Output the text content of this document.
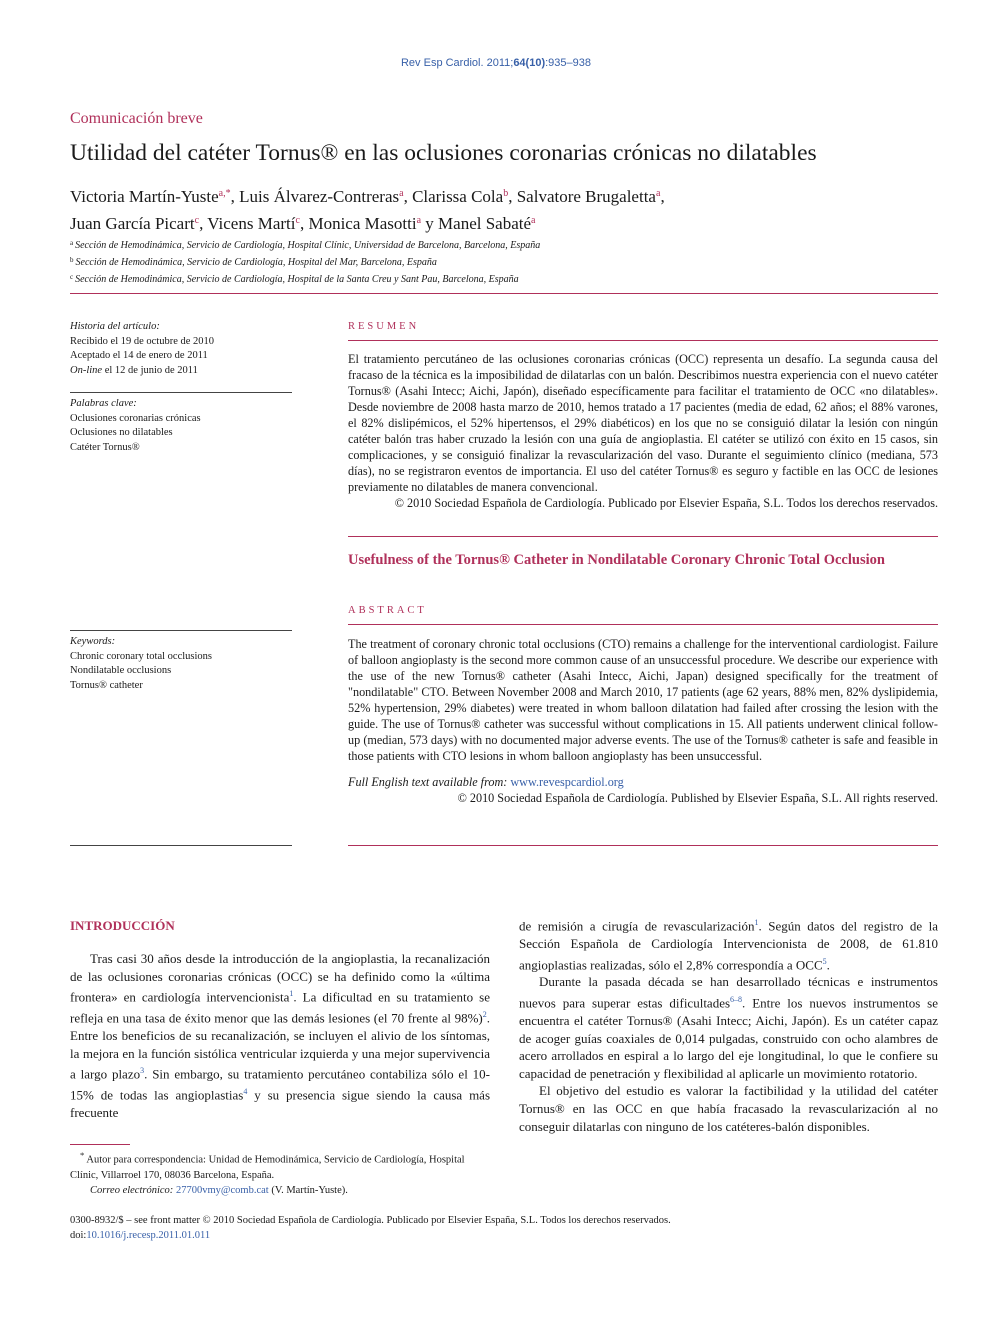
Rev Esp Cardiol. 2011;64(10):935–938
Comunicación breve
Utilidad del catéter Tornus® en las oclusiones coronarias crónicas no dilatables
Victoria Martín-Yuste$^{a,*}$, Luis Álvarez-Contreras$^a$, Clarissa Cola$^b$, Salvatore Brugaletta$^a$,
Juan García Picart$^c$, Vicens Martí$^c$, Monica Masotti$^a$ y Manel Sabaté$^a$
$^a$ Sección de Hemodinámica, Servicio de Cardiología, Hospital Clínic, Universidad de Barcelona, Barcelona, España
$^b$ Sección de Hemodinámica, Servicio de Cardiología, Hospital del Mar, Barcelona, España
$^c$ Sección de Hemodinámica, Servicio de Cardiología, Hospital de la Santa Creu y Sant Pau, Barcelona, España
Historia del artículo:
Recibido el 19 de octubre de 2010
Aceptado el 14 de enero de 2011
On-line el 12 de junio de 2011
Palabras clave:
Oclusiones coronarias crónicas
Oclusiones no dilatables
Catéter Tornus®
Keywords:
Chronic coronary total occlusions
Nondilatable occlusions
Tornus® catheter
RESUMEN
El tratamiento percutáneo de las oclusiones coronarias crónicas (OCC) representa un desafío. La segunda causa del fracaso de la técnica es la imposibilidad de dilatarlas con un balón. Describimos nuestra experiencia con el nuevo catéter Tornus® (Asahi Intecc; Aichi, Japón), diseñado específicamente para facilitar el tratamiento de OCC «no dilatables». Desde noviembre de 2008 hasta marzo de 2010, hemos tratado a 17 pacientes (media de edad, 62 años; el 88% varones, el 82% dislipémicos, el 52% hipertensos, el 29% diabéticos) en los que no se consiguió dilatar la lesión con ningún catéter balón tras haber cruzado la lesión con una guía de angioplastia. El catéter se utilizó con éxito en 15 casos, sin complicaciones, y se consiguió finalizar la revascularización del vaso. Durante el seguimiento clínico (mediana, 573 días), no se registraron eventos de importancia. El uso del catéter Tornus® es seguro y factible en las OCC de lesiones previamente no dilatables de manera convencional.
© 2010 Sociedad Española de Cardiología. Publicado por Elsevier España, S.L. Todos los derechos reservados.
Usefulness of the Tornus® Catheter in Nondilatable Coronary Chronic Total Occlusion
ABSTRACT
The treatment of coronary chronic total occlusions (CTO) remains a challenge for the interventional cardiologist. Failure of balloon angioplasty is the second more common cause of an unsuccessful procedure. We describe our experience with the use of the new Tornus® catheter (Asahi Intecc, Aichi, Japan) designed specifically for the treatment of "nondilatable" CTO. Between November 2008 and March 2010, 17 patients (age 62 years, 88% men, 82% dyslipidemia, 52% hypertension, 29% diabetes) were treated in whom balloon dilatation had failed after crossing the lesion with the guide. The use of Tornus® catheter was successful without complications in 15. All patients underwent clinical follow-up (median, 573 days) with no documented major adverse events. The use of the Tornus® catheter is safe and feasible in those patients with CTO lesions in whom balloon angioplasty has been unsuccessful.
Full English text available from: www.revespcardiol.org
© 2010 Sociedad Española de Cardiología. Published by Elsevier España, S.L. All rights reserved.
INTRODUCCIÓN

Tras casi 30 años desde la introducción de la angioplastia, la recanalización de las oclusiones coronarias crónicas (OCC) se ha definido como la «última frontera» en cardiología intervencionista$^1$. La dificultad en su tratamiento se refleja en una tasa de éxito menor que las demás lesiones (el 70 frente al 98%)$^2$. Entre los beneficios de su recanalización, se incluyen el alivio de los síntomas, la mejora en la función sistólica ventricular izquierda y una mejor supervivencia a largo plazo$^3$. Sin embargo, su tratamiento percutáneo contabiliza sólo el 10-15% de todas las angioplastias$^4$ y su presencia sigue siendo la causa más frecuente

de remisión a cirugía de revascularización$^1$. Según datos del registro de la Sección Española de Cardiología Intervencionista de 2008, de 61.810 angioplastias realizadas, sólo el 2,8% correspondía a OCC$^5$.

Durante la pasada década se han desarrollado técnicas e instrumentos nuevos para superar estas dificultades$^{6-8}$. Entre los nuevos instrumentos se encuentra el catéter Tornus® (Asahi Intecc; Aichi, Japón). Es un catéter capaz de acoger guías coaxiales de 0,014 pulgadas, construido con ocho alambres de acero arrollados en espiral a lo largo del eje longitudinal, lo que le confiere su capacidad de penetración y flexibilidad al aplicarle un movimiento rotatorio.

El objetivo del estudio es valorar la factibilidad y la utilidad del catéter Tornus® en las OCC en que había fracasado la revascularización al no conseguir dilatarlas con ninguno de los catéteres-balón disponibles.

* Autor para correspondencia: Unidad de Hemodinámica, Servicio de Cardiología, Hospital Clínic, Villarroel 170, 08036 Barcelona, España.
Correo electrónico: 27700vmy@comb.cat (V. Martín-Yuste).
0300-8932/$ – see front matter © 2010 Sociedad Española de Cardiología. Publicado por Elsevier España, S.L. Todos los derechos reservados.
doi:10.1016/j.recesp.2011.01.011
